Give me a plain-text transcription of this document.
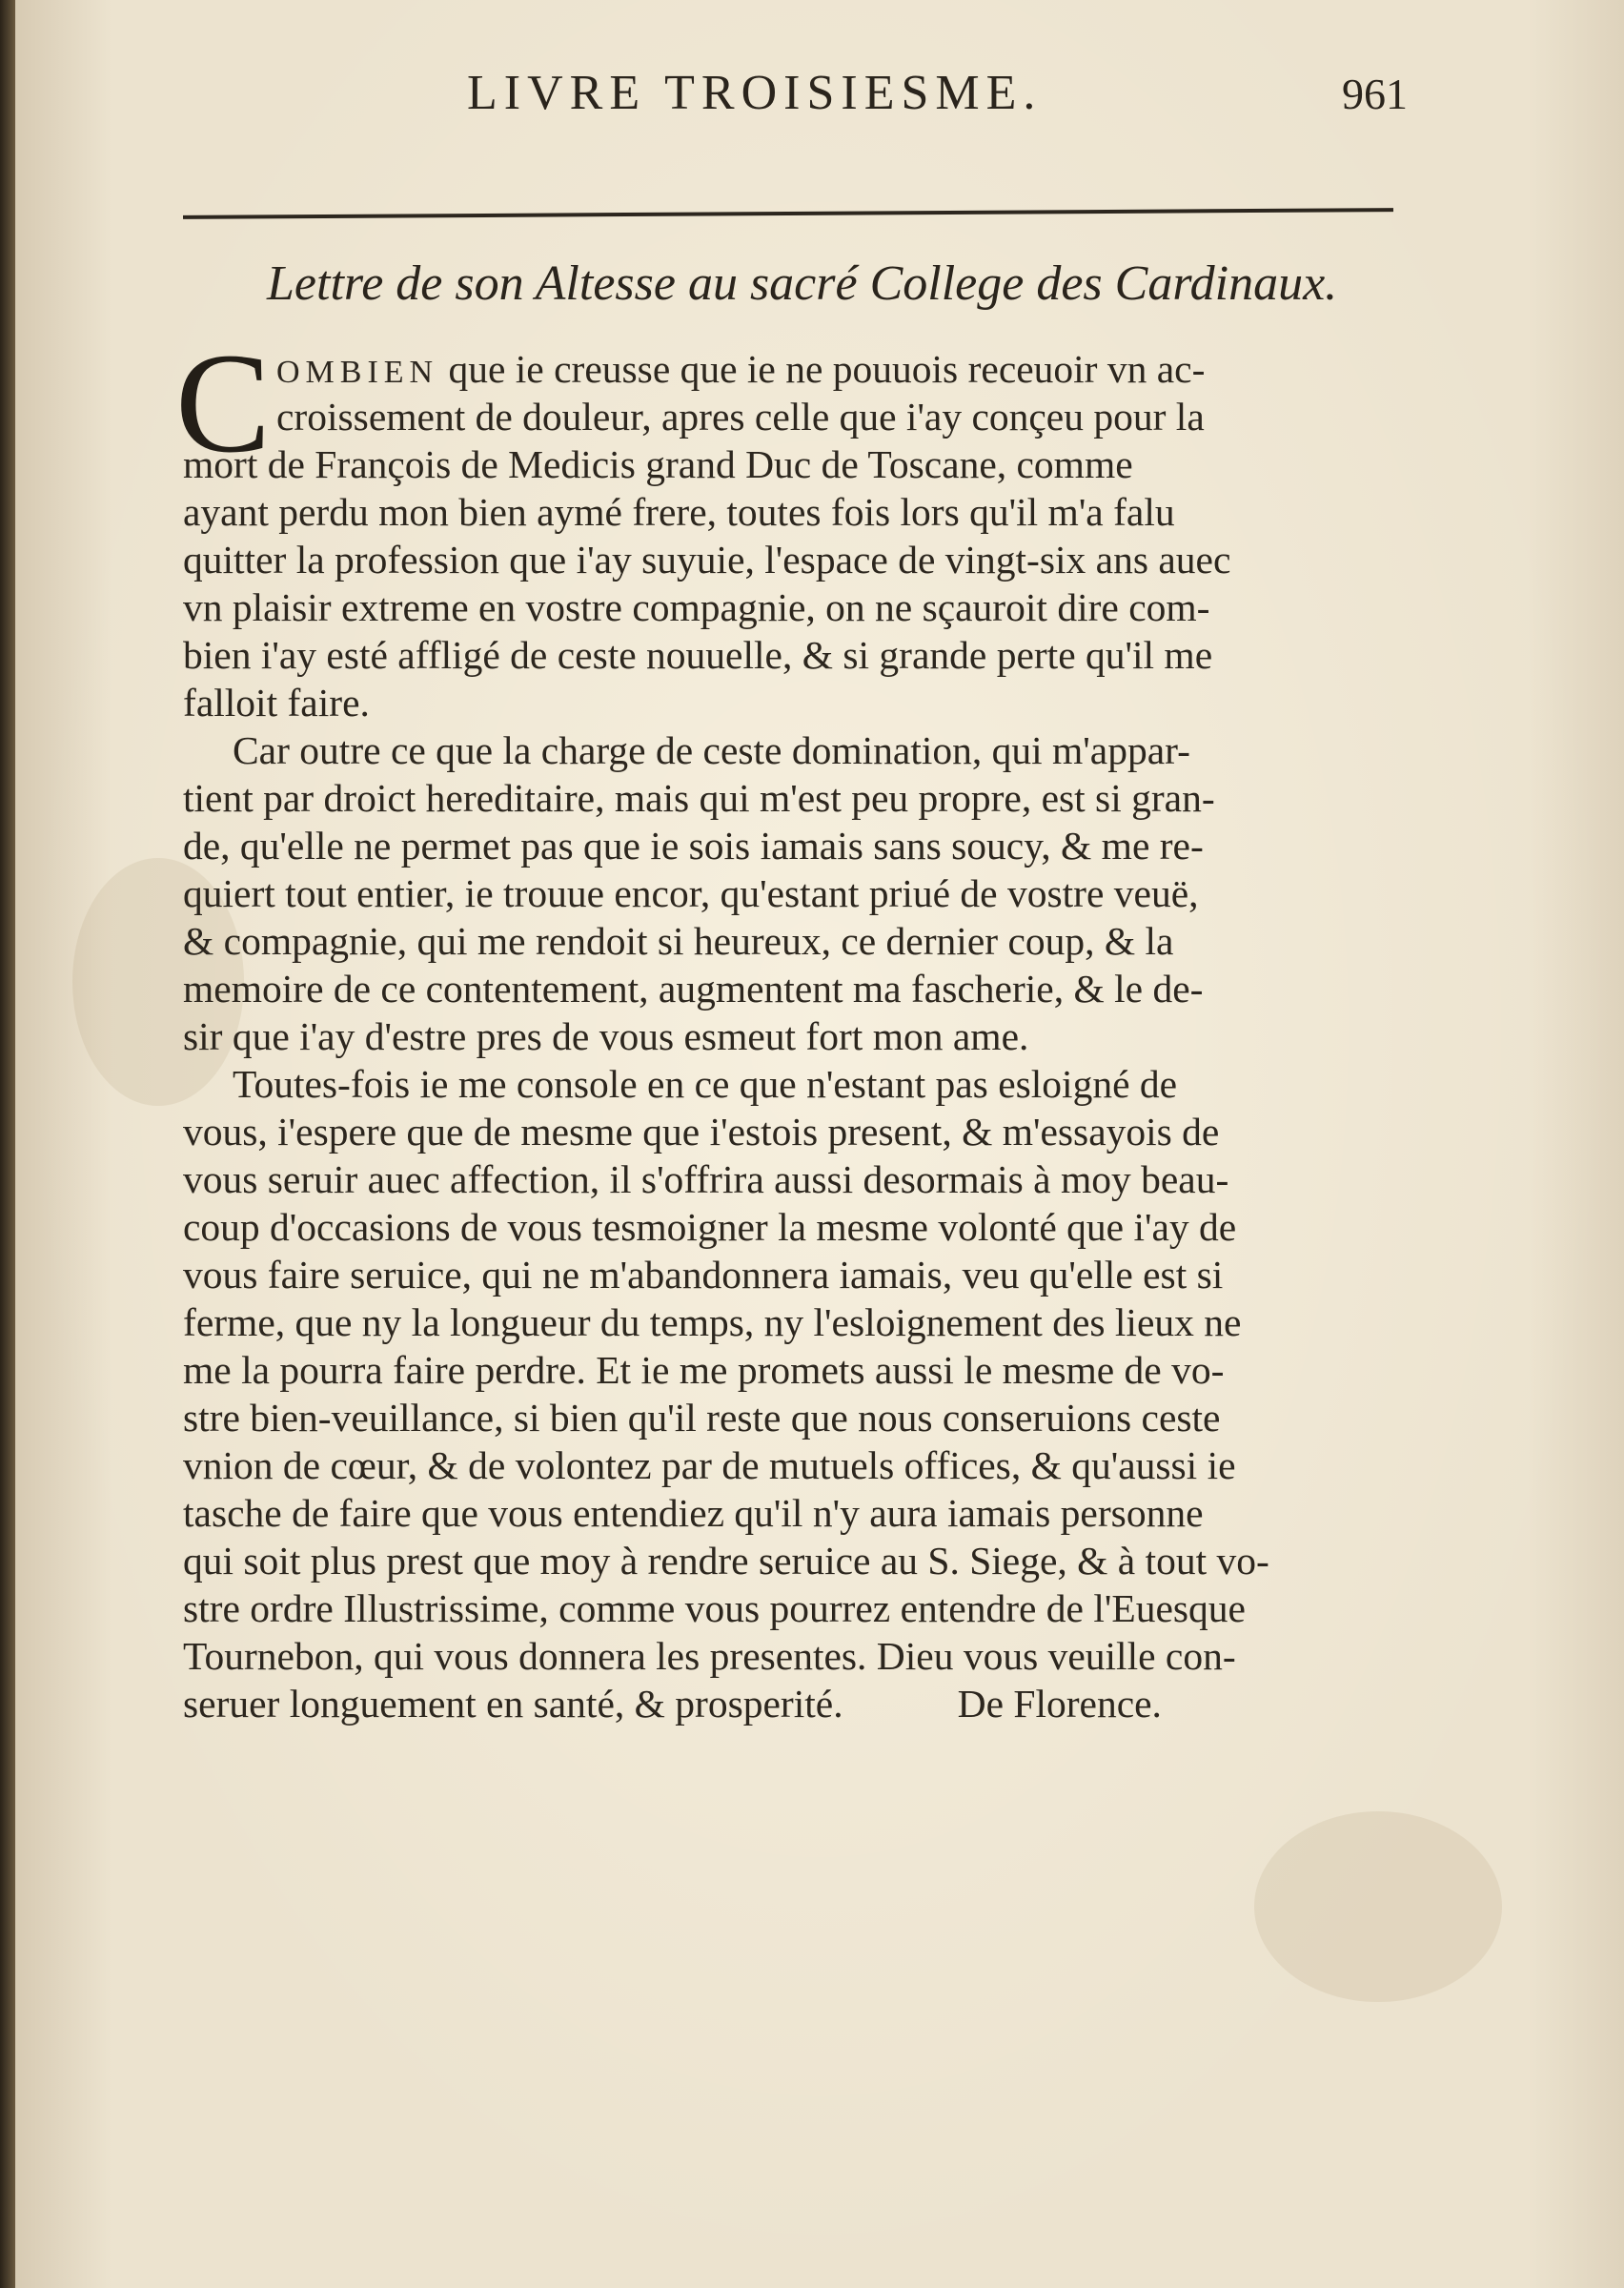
LIVRE TROISIESME.	961
Lettre de son Altesse au sacré College des Cardinaux.
C OMBIEN que ie creusse que ie ne pouuois receuoir vn ac-
croissement de douleur, apres celle que i'ay conçeu pour la
mort de François de Medicis grand Duc de Toscane, comme
ayant perdu mon bien aymé frere, toutes fois lors qu'il m'a falu
quitter la profession que i'ay suyuie, l'espace de vingt-six ans auec
vn plaisir extreme en vostre compagnie, on ne sçauroit dire com-
bien i'ay esté affligé de ceste nouuelle, & si grande perte qu'il me
falloit faire.
Car outre ce que la charge de ceste domination, qui m'appar-
tient par droict hereditaire, mais qui m'est peu propre, est si gran-
de, qu'elle ne permet pas que ie sois iamais sans soucy, & me re-
quiert tout entier, ie trouue encor, qu'estant priué de vostre veuë,
& compagnie, qui me rendoit si heureux, ce dernier coup, & la
memoire de ce contentement, augmentent ma fascherie, & le de-
sir que i'ay d'estre pres de vous esmeut fort mon ame.
Toutes-fois ie me console en ce que n'estant pas esloigné de
vous, i'espere que de mesme que i'estois present, & m'essayois de
vous seruir auec affection, il s'offrira aussi desormais à moy beau-
coup d'occasions de vous tesmoigner la mesme volonté que i'ay de
vous faire seruice, qui ne m'abandonnera iamais, veu qu'elle est si
ferme, que ny la longueur du temps, ny l'esloignement des lieux ne
me la pourra faire perdre. Et ie me promets aussi le mesme de vo-
stre bien-veuillance, si bien qu'il reste que nous conseruions ceste
vnion de cœur, & de volontez par de mutuels offices, & qu'aussi ie
tasche de faire que vous entendiez qu'il n'y aura iamais personne
qui soit plus prest que moy à rendre seruice au S. Siege, & à tout vo-
stre ordre Illustrissime, comme vous pourrez entendre de l'Euesque
Tournebon, qui vous donnera les presentes. Dieu vous veuille con-
seruer longuement en santé, & prosperité.	De Florence.
